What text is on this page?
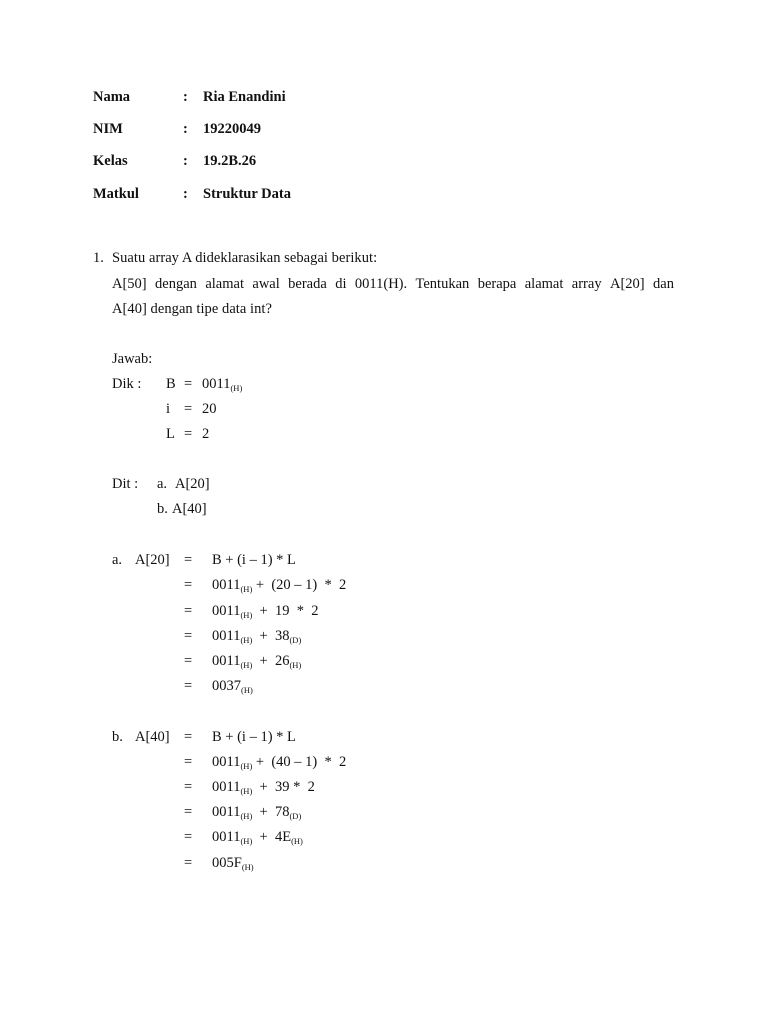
Nama	: Ria Enandini
NIM	: 19220049
Kelas	: 19.2B.26
Matkul	: Struktur Data
1. Suatu array A dideklarasikan sebagai berikut:
A[50] dengan alamat awal berada di 0011(H). Tentukan berapa alamat array A[20] dan
A[40] dengan tipe data int?
Jawab:
Dik : $B = 0011_{(H)}$
i = 20
L = 2
Dit : a. A[20]
b. A[40]
a. A[20] = B + (i – 1) * L
= $0011_{(H)} + (20 - 1) * 2$
= $0011_{(H)} + 19 * 2$
= $0011_{(H)} + 38_{(D)}$
= $0011_{(H)} + 26_{(H)}$
= $0037_{(H)}$
b. A[40] = B + (i – 1) * L
= $0011_{(H)} + (40 - 1) * 2$
= $0011_{(H)} + 39 * 2$
= $0011_{(H)} + 78_{(D)}$
= $0011_{(H)} + 4E_{(H)}$
= $005F_{(H)}$
